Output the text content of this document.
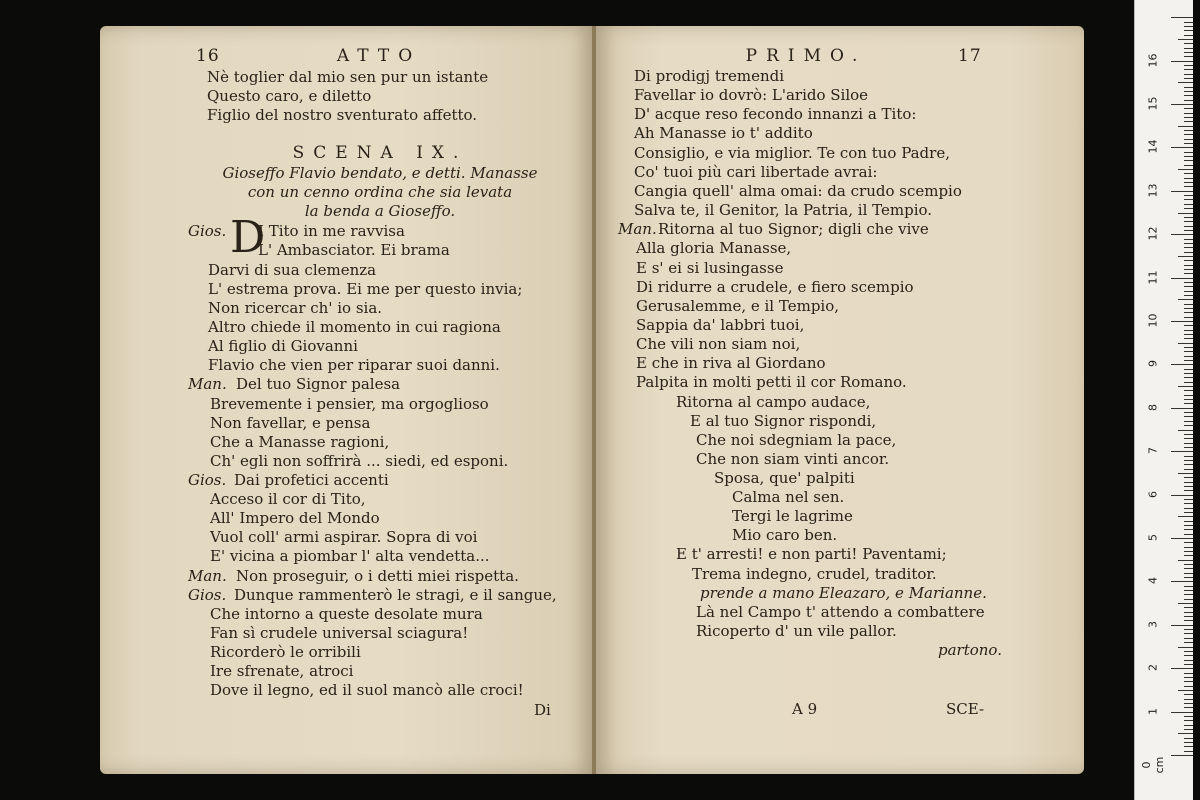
16	ATTO
Nè toglier dal mio sen pur un istante
Questo caro, e diletto
Figlio del nostro sventurato affetto.
SCENA IX.
Gioseffo Flavio bendato, e detti. Manasse
con un cenno ordina che sia levata
la benda a Gioseffo.
Gios. D
I Tito in me ravvisa
L' Ambasciator. Ei brama
Darvi di sua clemenza
L' estrema prova. Ei me per questo invia;
Non ricercar ch' io sia.
Altro chiede il momento in cui ragiona
Al figlio di Giovanni
Flavio che vien per riparar suoi danni.
Man. Del tuo Signor palesa
Brevemente i pensier, ma orgoglioso
Non favellar, e pensa
Che a Manasse ragioni,
Ch' egli non soffrirà ... siedi, ed esponi.
Gios. Dai profetici accenti
Acceso il cor di Tito,
All' Impero del Mondo
Vuol coll' armi aspirar. Sopra di voi
E' vicina a piombar l' alta vendetta...
Man. Non proseguir, o i detti miei rispetta.
Gios. Dunque rammenterò le stragi, e il sangue,
Che intorno a queste desolate mura
Fan sì crudele universal sciagura!
Ricorderò le orribili
Ire sfrenate, atroci
Dove il legno, ed il suol mancò alle croci!
Di
PRIMO.	17
Di prodigj tremendi
Favellar io dovrò: L'arido Siloe
D' acque reso fecondo innanzi a Tito:
Ah Manasse io t' addito
Consiglio, e via miglior. Te con tuo Padre,
Co' tuoi più cari libertade avrai:
Cangia quell' alma omai: da crudo scempio
Salva te, il Genitor, la Patria, il Tempio.
Man. Ritorna al tuo Signor; digli che vive
Alla gloria Manasse,
E s' ei si lusingasse
Di ridurre a crudele, e fiero scempio
Gerusalemme, e il Tempio,
Sappia da' labbri tuoi,
Che vili non siam noi,
E che in riva al Giordano
Palpita in molti petti il cor Romano.
Ritorna al campo audace,
E al tuo Signor rispondi,
Che noi sdegniam la pace,
Che non siam vinti ancor.
Sposa, que' palpiti
Calma nel sen.
Tergi le lagrime
Mio caro ben.
E t' arresti! e non parti! Paventami;
Trema indegno, crudel, traditor.
prende a mano Eleazaro, e Marianne.
Là nel Campo t' attendo a combattere
Ricoperto d' un vile pallor.
partono.
A 9	SCE-
0 cm
1
2
3
4
5
6
7
8
9
10
11
12
13
14
15
16
